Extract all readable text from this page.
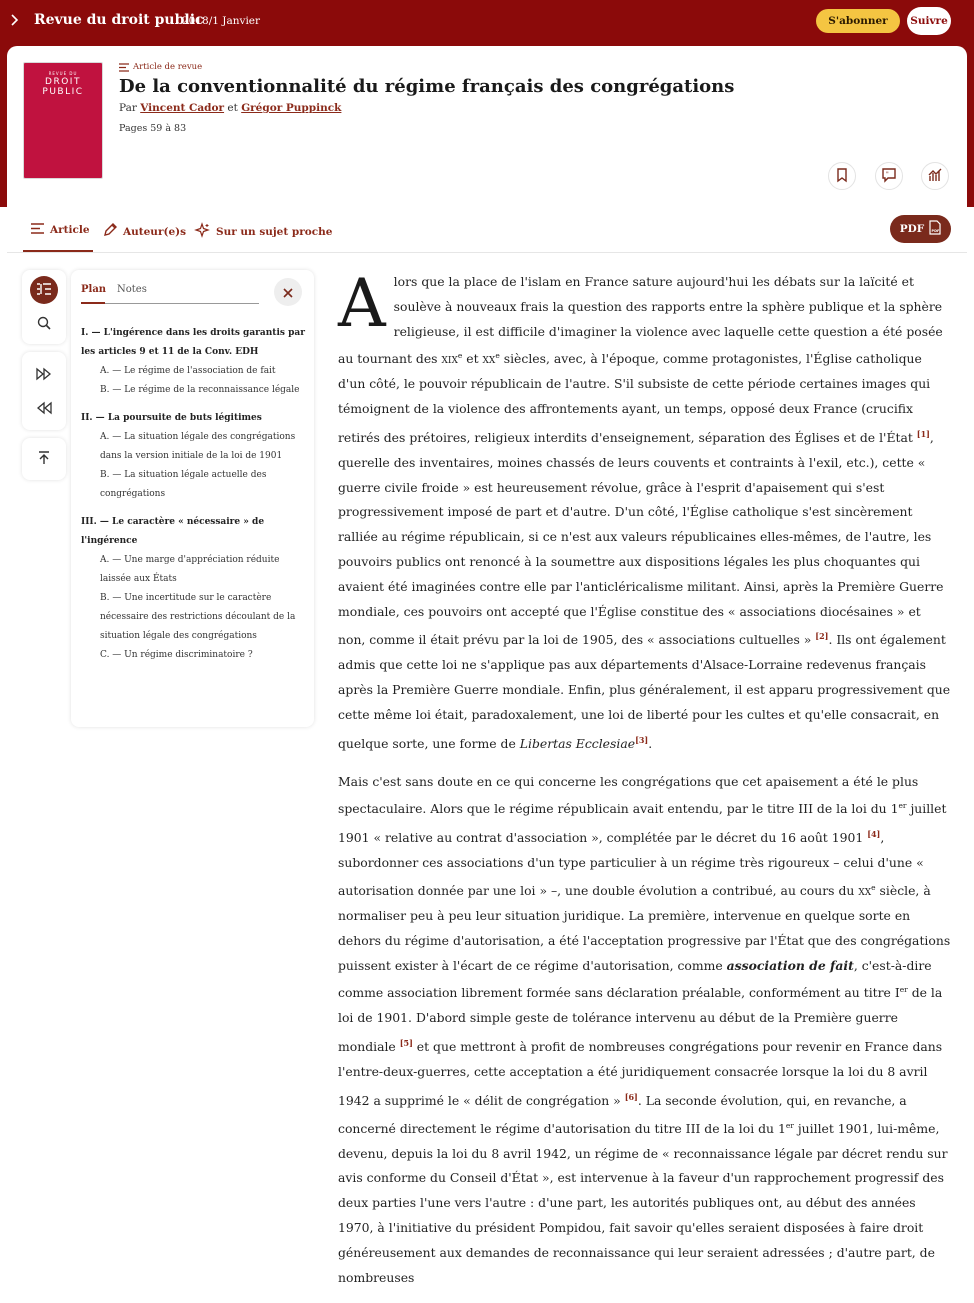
Revue du droit public
2018/1 Janvier	S'abonner	Suivre
REVUE DU
DROIT
PUBLIC
Article de revue
De la conventionnalité du régime français des congrégations
Par Vincent Cador et Grégor Puppinck
Pages 59 à 83
"
Article	Auteur(e)s	Sur un sujet proche	PDF PDF
Plan Notes
I. — L'ingérence dans les droits garantis par les articles 9 et 11 de la Conv. EDH
A. — Le régime de l'association de fait
B. — Le régime de la reconnaissance légale
II. — La poursuite de buts légitimes
A. — La situation légale des congrégations dans la version initiale de la loi de 1901
B. — La situation légale actuelle des congrégations
III. — Le caractère « nécessaire » de l'ingérence
A. — Une marge d'appréciation réduite laissée aux États
B. — Une incertitude sur le caractère nécessaire des restrictions découlant de la situation légale des congrégations
C. — Un régime discriminatoire ?

Alors que la place de l'islam en France sature aujourd'hui les débats sur la laïcité et soulève à nouveaux frais la question des rapports entre la sphère publique et la sphère religieuse, il est difficile d'imaginer la violence avec laquelle cette question a été posée au tournant des xix$^e$ et $xx^e$ siècles, avec, à l'époque, comme protagonistes, l'Église catholique d'un côté, le pouvoir républicain de l'autre. S'il subsiste de cette période certaines images qui témoignent de la violence des affrontements ayant, un temps, opposé deux France (crucifix retirés des prétoires, religieux interdits d'enseignement, séparation des Églises et de l'État [1], querelle des inventaires, moines chassés de leurs couvents et contraints à l'exil, etc.), cette « guerre civile froide » est heureusement révolue, grâce à l'esprit d'apaisement qui s'est progressivement imposé de part et d'autre. D'un côté, l'Église catholique s'est sincèrement ralliée au régime républicain, si ce n'est aux valeurs républicaines elles-mêmes, de l'autre, les pouvoirs publics ont renoncé à la soumettre aux dispositions légales les plus choquantes qui avaient été imaginées contre elle par l'anticléricalisme militant. Ainsi, après la Première Guerre mondiale, ces pouvoirs ont accepté que l'Église constitue des « associations diocésaines » et non, comme il était prévu par la loi de 1905, des « associations cultuelles » [2]. Ils ont également admis que cette loi ne s'applique pas aux départements d'Alsace-Lorraine redevenus français après la Première Guerre mondiale. Enfin, plus généralement, il est apparu progressivement que cette même loi était, paradoxalement, une loi de liberté pour les cultes et qu'elle consacrait, en quelque sorte, une forme de Libertas Ecclesiae[3].

Mais c'est sans doute en ce qui concerne les congrégations que cet apaisement a été le plus spectaculaire. Alors que le régime républicain avait entendu, par le titre III de la loi du 1er juillet 1901 « relative au contrat d'association », complétée par le décret du 16 août 1901 [4], subordonner ces associations d'un type particulier à un régime très rigoureux – celui d'une « autorisation donnée par une loi » –, une double évolution a contribué, au cours du $xx^e$ siècle, à normaliser peu à peu leur situation juridique. La première, intervenue en quelque sorte en dehors du régime d'autorisation, a été l'acceptation progressive par l'État que des congrégations puissent exister à l'écart de ce régime d'autorisation, comme association de fait, c'est-à-dire comme association librement formée sans déclaration préalable, conformément au titre Ier de la loi de 1901. D'abord simple geste de tolérance intervenu au début de la Première guerre mondiale [5] et que mettront à profit de nombreuses congrégations pour revenir en France dans l'entre-deux-guerres, cette acceptation a été juridiquement consacrée lorsque la loi du 8 avril 1942 a supprimé le « délit de congrégation » [6]. La seconde évolution, qui, en revanche, a concerné directement le régime d'autorisation du titre III de la loi du 1er juillet 1901, lui-même, devenu, depuis la loi du 8 avril 1942, un régime de « reconnaissance légale par décret rendu sur avis conforme du Conseil d'État », est intervenue à la faveur d'un rapprochement progressif des deux parties l'une vers l'autre : d'une part, les autorités publiques ont, au début des années 1970, à l'initiative du président Pompidou, fait savoir qu'elles seraient disposées à faire droit généreusement aux demandes de reconnaissance qui leur seraient adressées ; d'autre part, de nombreuses
